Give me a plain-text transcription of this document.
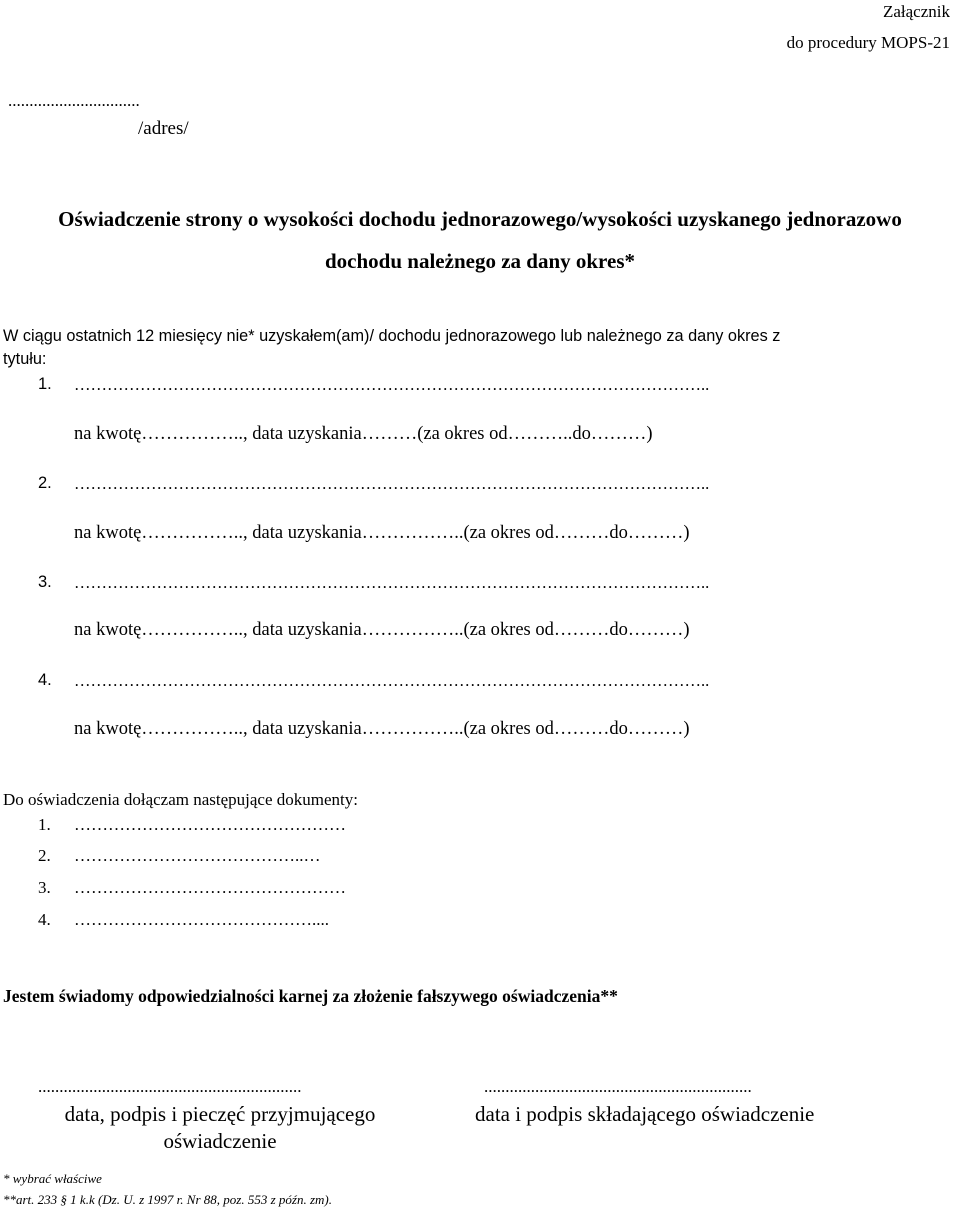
Załącznik
do procedury MOPS-21
...............................
/adres/
Oświadczenie strony o wysokości dochodu jednorazowego/wysokości uzyskanego jednorazowo
dochodu należnego za dany okres*
W ciągu ostatnich 12 miesięcy nie* uzyskałem(am)/ dochodu jednorazowego lub należnego za dany okres z
tytułu:
1. ……………………………………………………………………………………………………..
na kwotę…………….., data uzyskania………(za okres od………..do………)
2. ……………………………………………………………………………………………………..
na kwotę…………….., data uzyskania……………..(za okres od………do………)
3. ……………………………………………………………………………………………………..
na kwotę…………….., data uzyskania……………..(za okres od………do………)
4. ……………………………………………………………………………………………………..
na kwotę…………….., data uzyskania……………..(za okres od………do………)
Do oświadczenia dołączam następujące dokumenty:
1. …………………………………………
2. …………………………………..…
3. …………………………………………
4. ……………………………………....
Jestem świadomy odpowiedzialności karnej za złożenie fałszywego oświadczenia**
..............................................................
data, podpis i pieczęć przyjmującego
oświadczenie
...............................................................
data i podpis składającego oświadczenie
* wybrać właściwe
**art. 233 § 1 k.k (Dz. U. z 1997 r. Nr 88, poz. 553 z późn. zm).
